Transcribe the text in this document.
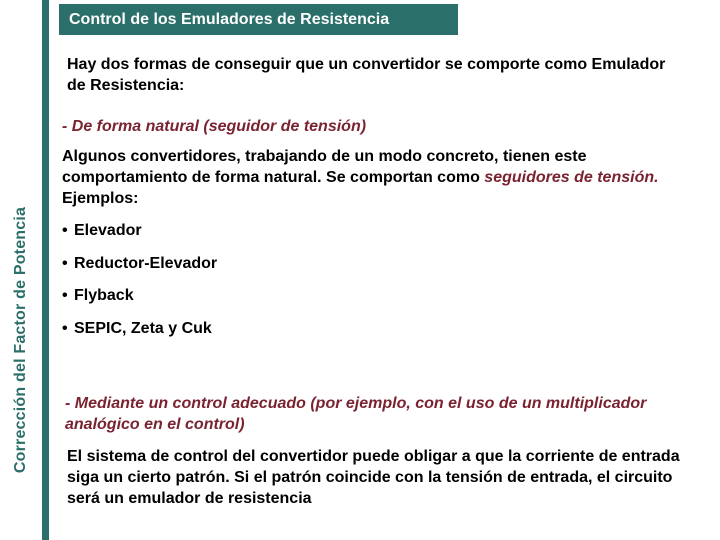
Corrección del Factor de Potencia
Control de los Emuladores de Resistencia
Hay dos formas de conseguir que un convertidor se comporte como Emulador de Resistencia:
- De forma natural (seguidor de tensión)
Algunos convertidores, trabajando de un modo concreto, tienen este comportamiento de forma natural. Se comportan como seguidores de tensión. Ejemplos:
• Elevador
• Reductor-Elevador
• Flyback
• SEPIC, Zeta y Cuk
- Mediante un control adecuado (por ejemplo, con el uso de un multiplicador analógico en el control)
El sistema de control del convertidor puede obligar a que la corriente de entrada siga un cierto patrón. Si el patrón coincide con la tensión de entrada, el circuito será un emulador de resistencia
